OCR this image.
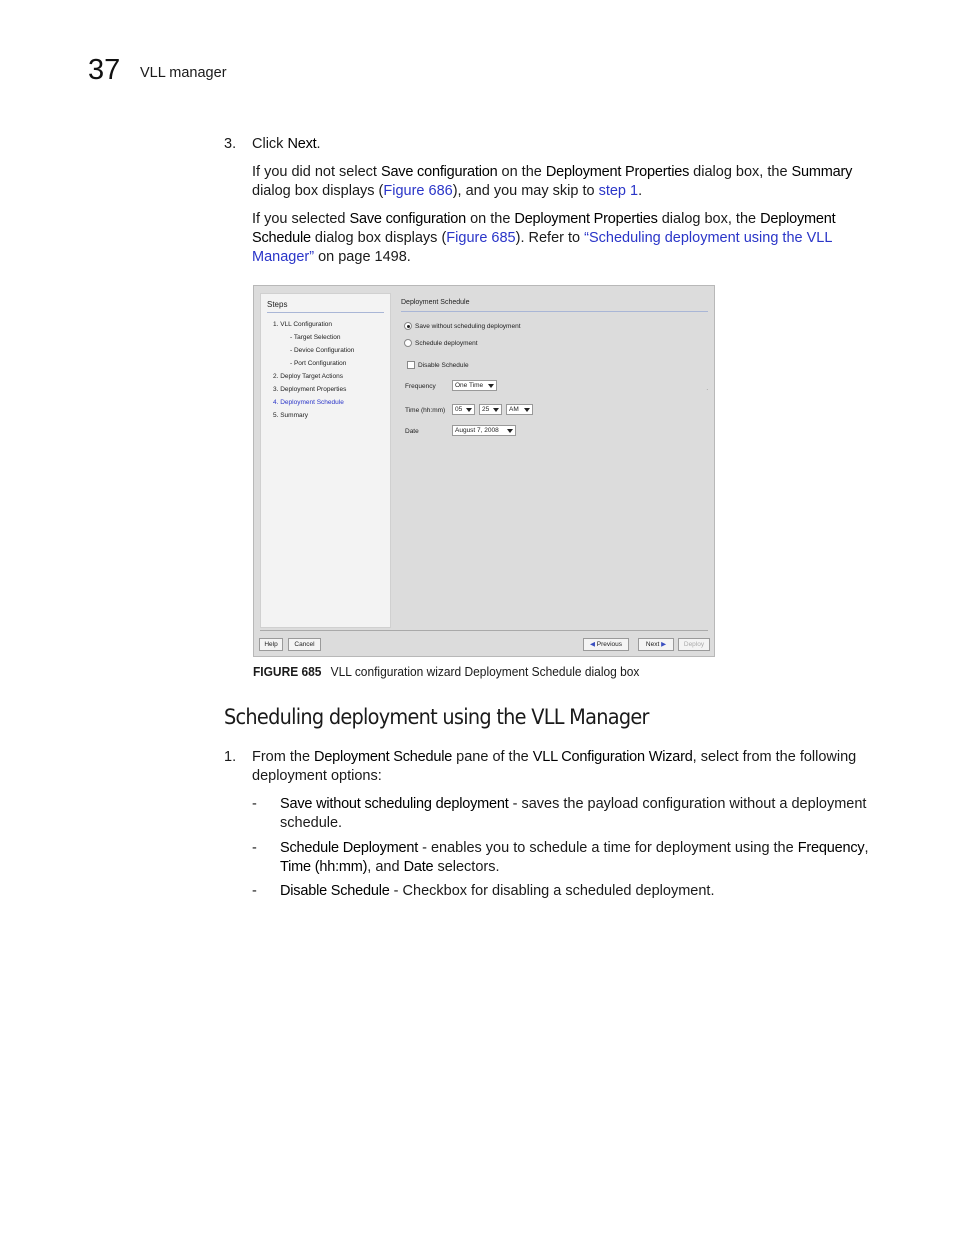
37 VLL manager
3. Click Next.

If you did not select Save configuration on the Deployment Properties dialog box, the Summary dialog box displays (Figure 686), and you may skip to step 1.

If you selected Save configuration on the Deployment Properties dialog box, the Deployment Schedule dialog box displays (Figure 685). Refer to “Scheduling deployment using the VLL Manager” on page 1498.

Steps
1. VLL Configuration
- Target Selection
- Device Configuration
- Port Configuration
2. Deploy Target Actions
3. Deployment Properties
4. Deployment Schedule
5. Summary
Deployment Schedule
Save without scheduling deployment
Schedule deployment
Disable Schedule
Frequency	One Time
Time (hh:mm)	05	25	AM
Date	August 7, 2008
.
Help	Cancel	◀ Previous	Next ▶	Deploy
FIGURE 685 VLL configuration wizard Deployment Schedule dialog box
Scheduling deployment using the VLL Manager
1. From the Deployment Schedule pane of the VLL Configuration Wizard, select from the following deployment options:

- Save without scheduling deployment - saves the payload configuration without a deployment schedule.

- Schedule Deployment - enables you to schedule a time for deployment using the Frequency, Time (hh:mm), and Date selectors.

- Disable Schedule - Checkbox for disabling a scheduled deployment.
